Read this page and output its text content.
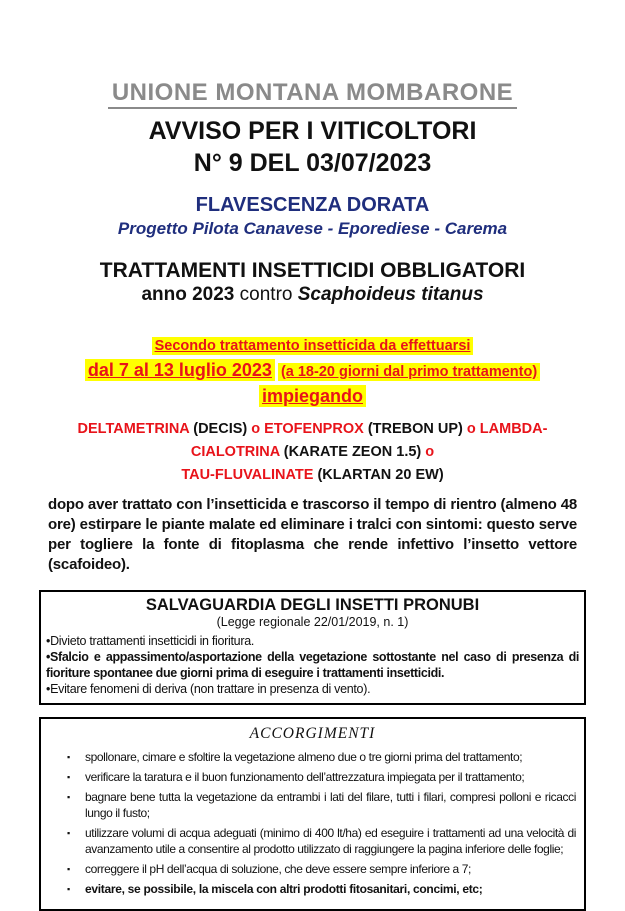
UNIONE MONTANA MOMBARONE
AVVISO PER I VITICOLTORI
N° 9 DEL 03/07/2023
FLAVESCENZA DORATA
Progetto Pilota Canavese - Eporediese - Carema
TRATTAMENTI INSETTICIDI OBBLIGATORI
anno 2023 contro Scaphoideus titanus
Secondo trattamento insetticida da effettuarsi
dal 7 al 13 luglio 2023 (a 18-20 giorni dal primo trattamento)
impiegando
DELTAMETRINA (DECIS) o ETOFENPROX (TREBON UP) o LAMBDA-
CIALOTRINA (KARATE ZEON 1.5) o
TAU-FLUVALINATE (KLARTAN 20 EW)

dopo aver trattato con l’insetticida e trascorso il tempo di rientro (almeno 48 ore) estirpare le piante malate ed eliminare i tralci con sintomi: questo serve per togliere la fonte di fitoplasma che rende infettivo l’insetto vettore (scafoideo).

SALVAGUARDIA DEGLI INSETTI PRONUBI
(Legge regionale 22/01/2019, n. 1)
•Divieto trattamenti insetticidi in fioritura.
•Sfalcio e appassimento/asportazione della vegetazione sottostante nel caso di presenza di fioriture spontanee due giorni prima di eseguire i trattamenti insetticidi.
•Evitare fenomeni di deriva (non trattare in presenza di vento).
ACCORGIMENTI
▪	spollonare, cimare e sfoltire la vegetazione almeno due o tre giorni prima del trattamento;
▪	verificare la taratura e il buon funzionamento dell’attrezzatura impiegata per il trattamento;
▪	bagnare bene tutta la vegetazione da entrambi i lati del filare, tutti i filari, compresi polloni e ricacci lungo il fusto;
▪	utilizzare volumi di acqua adeguati (minimo di 400 lt/ha) ed eseguire i trattamenti ad una velocità di avanzamento utile a consentire al prodotto utilizzato di raggiungere la pagina inferiore delle foglie;
▪	correggere il pH dell’acqua di soluzione, che deve essere sempre inferiore a 7;
▪	evitare, se possibile, la miscela con altri prodotti fitosanitari, concimi, etc;
